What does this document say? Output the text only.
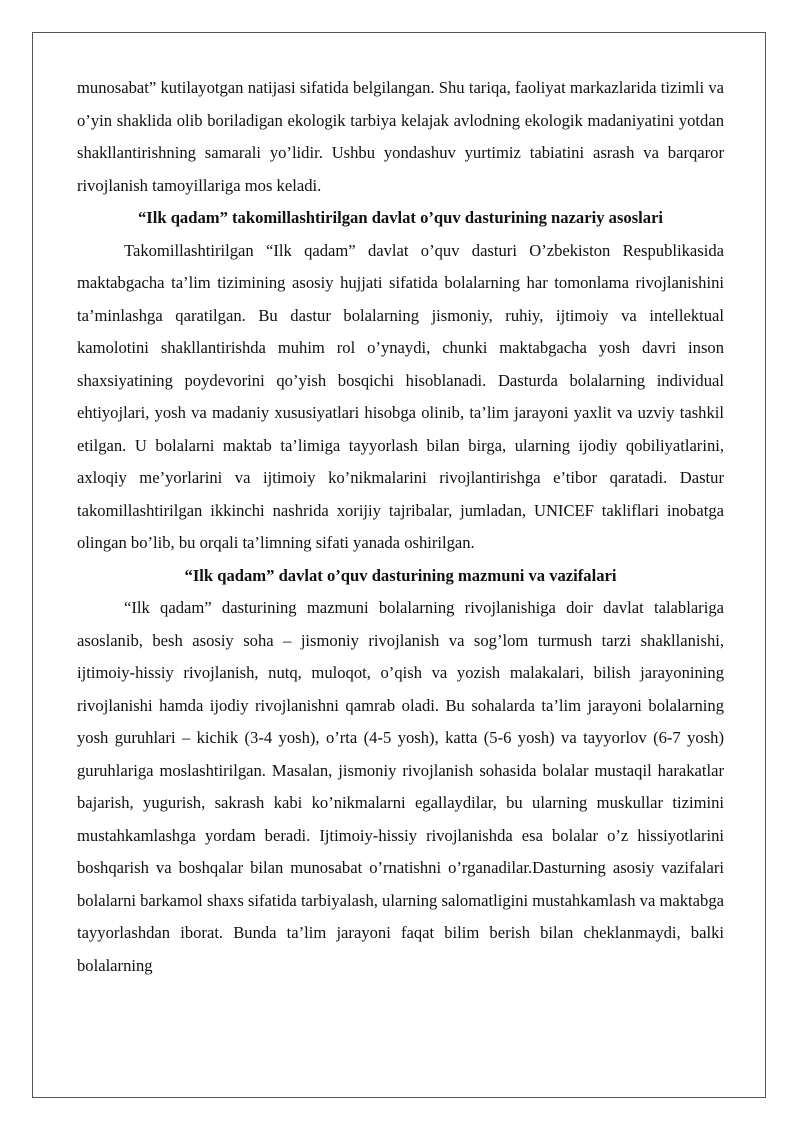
munosabat” kutilayotgan natijasi sifatida belgilangan. Shu tariqa, faoliyat markazlarida tizimli va o’yin shaklida olib boriladigan ekologik tarbiya kelajak avlodning ekologik madaniyatini yotdan shakllantirishning samarali yo’lidir. Ushbu yondashuv yurtimiz tabiatini asrash va barqaror rivojlanish tamoyillariga mos keladi.

“Ilk qadam” takomillashtirilgan davlat o’quv dasturining nazariy asoslari

Takomillashtirilgan “Ilk qadam” davlat o’quv dasturi O’zbekiston Respublikasida maktabgacha ta’lim tizimining asosiy hujjati sifatida bolalarning har tomonlama rivojlanishini ta’minlashga qaratilgan. Bu dastur bolalarning jismoniy, ruhiy, ijtimoiy va intellektual kamolotini shakllantirishda muhim rol o’ynaydi, chunki maktabgacha yosh davri inson shaxsiyatining poydevorini qo’yish bosqichi hisoblanadi. Dasturda bolalarning individual ehtiyojlari, yosh va madaniy xususiyatlari hisobga olinib, ta’lim jarayoni yaxlit va uzviy tashkil etilgan. U bolalarni maktab ta’limiga tayyorlash bilan birga, ularning ijodiy qobiliyatlarini, axloqiy me’yorlarini va ijtimoiy ko’nikmalarini rivojlantirishga e’tibor qaratadi. Dastur takomillashtirilgan ikkinchi nashrida xorijiy tajribalar, jumladan, UNICEF takliflari inobatga olingan bo’lib, bu orqali ta’limning sifati yanada oshirilgan.

“Ilk qadam” davlat o’quv dasturining mazmuni va vazifalari

“Ilk qadam” dasturining mazmuni bolalarning rivojlanishiga doir davlat talablariga asoslanib, besh asosiy soha – jismoniy rivojlanish va sog’lom turmush tarzi shakllanishi, ijtimoiy-hissiy rivojlanish, nutq, muloqot, o’qish va yozish malakalari, bilish jarayonining rivojlanishi hamda ijodiy rivojlanishni qamrab oladi. Bu sohalarda ta’lim jarayoni bolalarning yosh guruhlari – kichik (3-4 yosh), o’rta (4-5 yosh), katta (5-6 yosh) va tayyorlov (6-7 yosh) guruhlariga moslashtirilgan. Masalan, jismoniy rivojlanish sohasida bolalar mustaqil harakatlar bajarish, yugurish, sakrash kabi ko’nikmalarni egallaydilar, bu ularning muskullar tizimini mustahkamlashga yordam beradi. Ijtimoiy-hissiy rivojlanishda esa bolalar o’z hissiyotlarini boshqarish va boshqalar bilan munosabat o’rnatishni o’rganadilar.Dasturning asosiy vazifalari bolalarni barkamol shaxs sifatida tarbiyalash, ularning salomatligini mustahkamlash va maktabga tayyorlashdan iborat. Bunda ta’lim jarayoni faqat bilim berish bilan cheklanmaydi, balki bolalarning
